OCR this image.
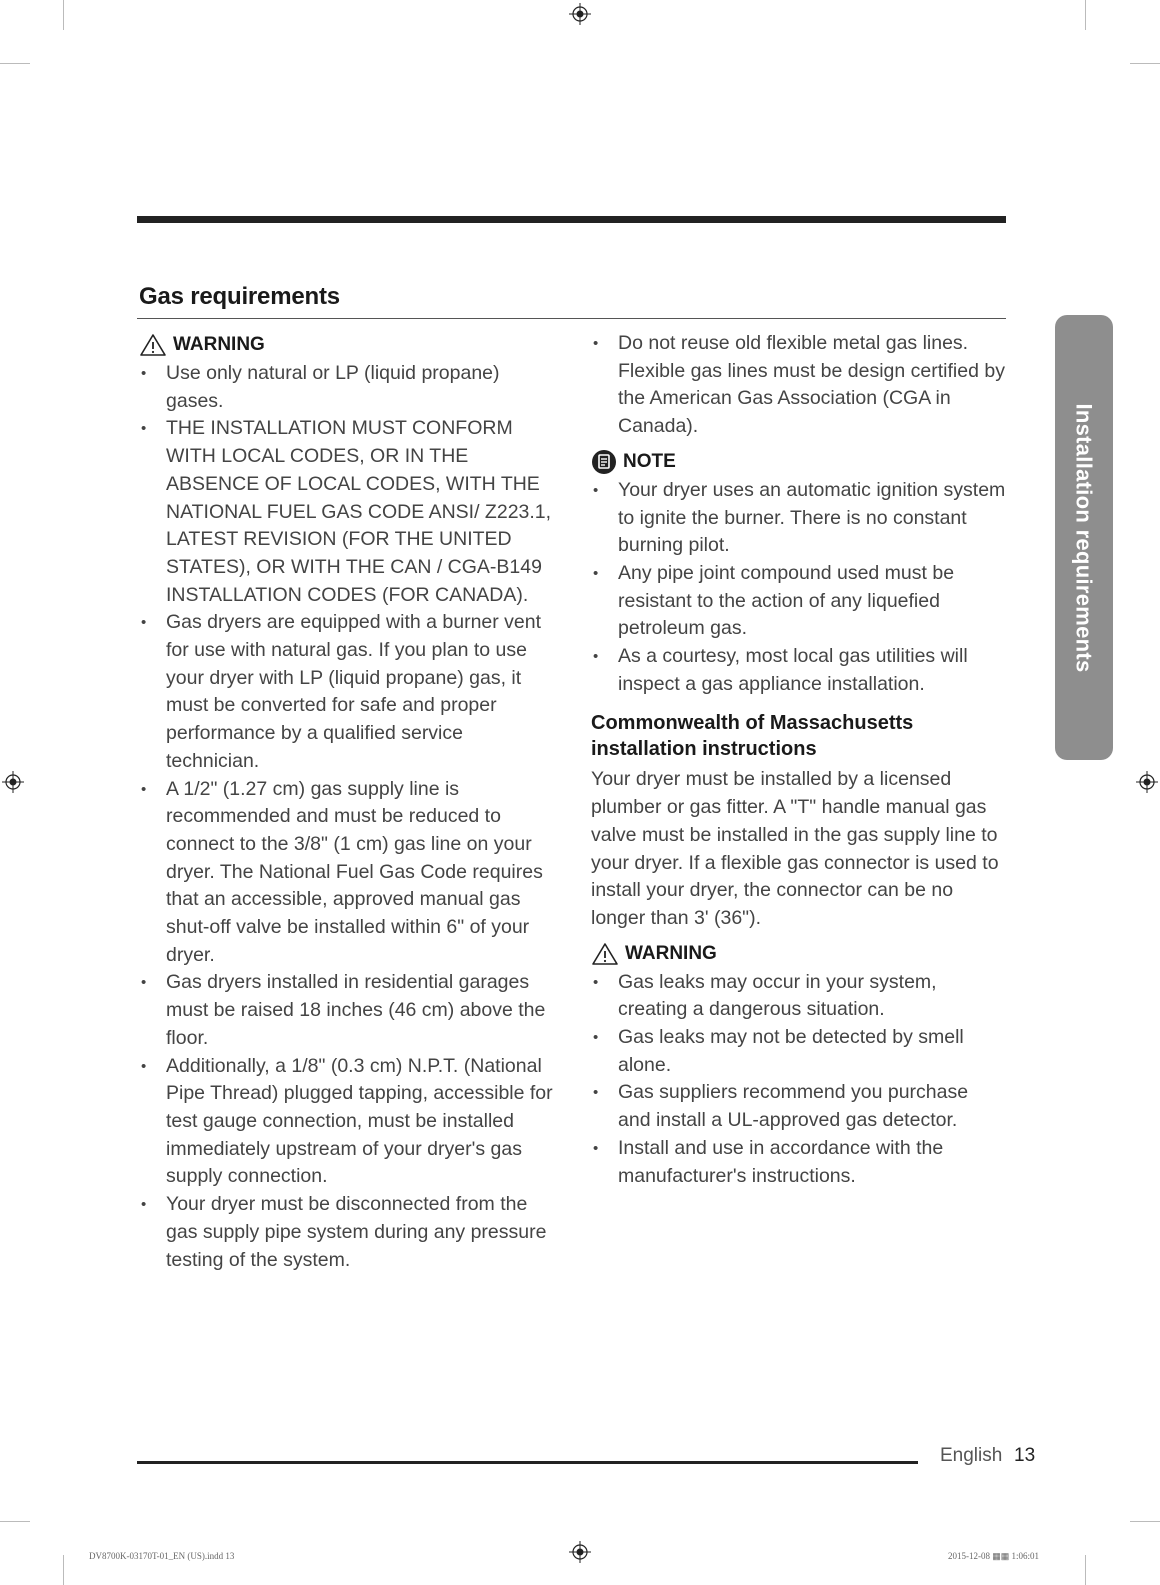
Gas requirements
WARNING
• Use only natural or LP (liquid propane) gases.
• THE INSTALLATION MUST CONFORM WITH LOCAL CODES, OR IN THE ABSENCE OF LOCAL CODES, WITH THE NATIONAL FUEL GAS CODE ANSI/ Z223.1, LATEST REVISION (FOR THE UNITED STATES), OR WITH THE CAN / CGA-B149 INSTALLATION CODES (FOR CANADA).
• Gas dryers are equipped with a burner vent for use with natural gas. If you plan to use your dryer with LP (liquid propane) gas, it must be converted for safe and proper performance by a qualified service technician.
• A 1/2" (1.27 cm) gas supply line is recommended and must be reduced to connect to the 3/8" (1 cm) gas line on your dryer. The National Fuel Gas Code requires that an accessible, approved manual gas shut-off valve be installed within 6" of your dryer.
• Gas dryers installed in residential garages must be raised 18 inches (46 cm) above the floor.
• Additionally, a 1/8" (0.3 cm) N.P.T. (National Pipe Thread) plugged tapping, accessible for test gauge connection, must be installed immediately upstream of your dryer's gas supply connection.
• Your dryer must be disconnected from the gas supply pipe system during any pressure testing of the system.
• Do not reuse old flexible metal gas lines. Flexible gas lines must be design certified by the American Gas Association (CGA in Canada).
NOTE
• Your dryer uses an automatic ignition system to ignite the burner. There is no constant burning pilot.
• Any pipe joint compound used must be resistant to the action of any liquefied petroleum gas.
• As a courtesy, most local gas utilities will inspect a gas appliance installation.
Commonwealth of Massachusetts installation instructions

Your dryer must be installed by a licensed plumber or gas fitter. A "T" handle manual gas valve must be installed in the gas supply line to your dryer. If a flexible gas connector is used to install your dryer, the connector can be no longer than 3' (36").

WARNING
• Gas leaks may occur in your system, creating a dangerous situation.
• Gas leaks may not be detected by smell alone.
• Gas suppliers recommend you purchase and install a UL-approved gas detector.
• Install and use in accordance with the manufacturer's instructions.
Installation requirements
English 13
DV8700K-03170T-01_EN (US).indd 13	2015-12-08 ▦▦ 1:06:01
